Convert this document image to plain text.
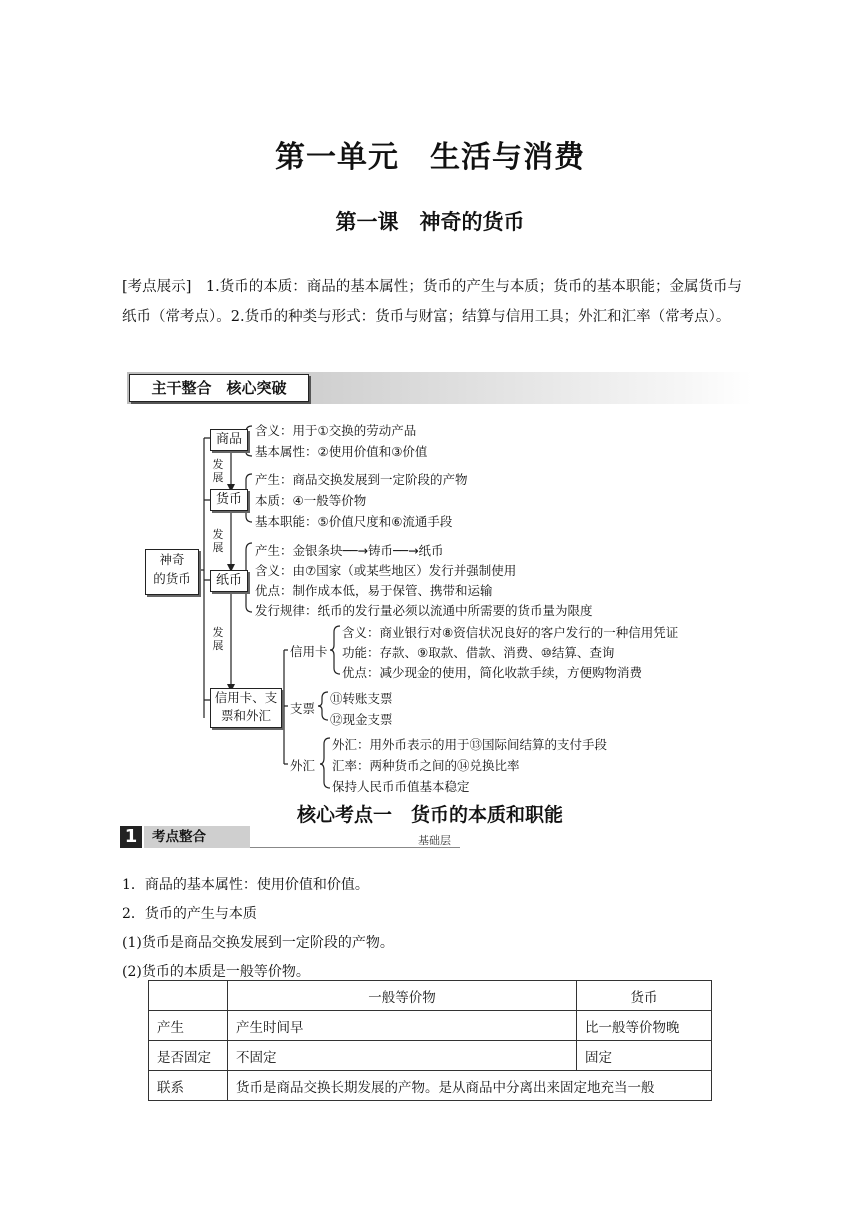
第一单元　生活与消费
第一课　神奇的货币
[考点展示]　1.货币的本质：商品的基本属性；货币的产生与本质；货币的基本职能；金属货币与纸币（常考点）。2.货币的种类与形式：货币与财富；结算与信用工具；外汇和汇率（常考点）。
主干整合　核心突破
神奇
的货币
商品
货币
纸币
信用卡、支
票和外汇
发展
发展
发展
含义：用于①交换的劳动产品
基本属性：②使用价值和③价值
产生：商品交换发展到一定阶段的产物
本质：④一般等价物
基本职能：⑤价值尺度和⑥流通手段
产生：金银条块──→铸币──→纸币
含义：由⑦国家（或某些地区）发行并强制使用
优点：制作成本低，易于保管、携带和运输
发行规律：纸币的发行量必须以流通中所需要的货币量为限度
信用卡
含义：商业银行对⑧资信状况良好的客户发行的一种信用凭证
功能：存款、⑨取款、借款、消费、⑩结算、查询
优点：减少现金的使用，简化收款手续，方便购物消费
支票
⑪转账支票
⑫现金支票
外汇
外汇：用外币表示的用于⑬国际间结算的支付手段
汇率：两种货币之间的⑭兑换比率
保持人民币币值基本稳定
核心考点一　货币的本质和职能
1	考点整合	基础层
1．商品的基本属性：使用价值和价值。
2．货币的产生与本质
(1)货币是商品交换发展到一定阶段的产物。
(2)货币的本质是一般等价物。
	一般等价物	货币
产生	产生时间早	比一般等价物晚
是否固定	不固定	固定
联系	货币是商品交换长期发展的产物。是从商品中分离出来固定地充当一般	
